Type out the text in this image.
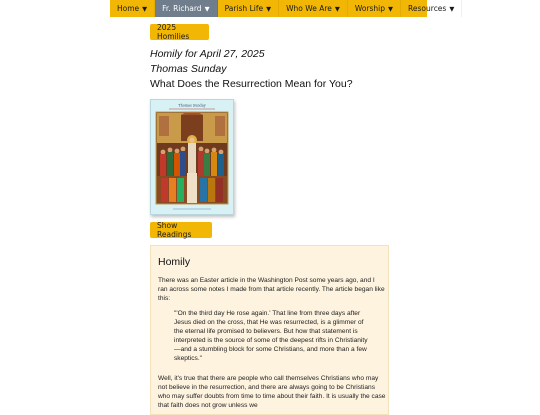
Home ▼ Fr. Richard ▼ Parish Life ▼ Who We Are ▼ Worship ▼ Resources ▼
2025 Homilies
Homily for April 27, 2025
Thomas Sunday
What Does the Resurrection Mean for You?
Thomas Sunday
Show Readings
Homily
There was an Easter article in the Washington Post some years ago, and I ran across some notes I made from that article recently. The article began like this:
"'On the third day He rose again.' That line from three days after Jesus died on the cross, that He was resurrected, is a glimmer of the eternal life promised to believers. But how that statement is interpreted is the source of some of the deepest rifts in Christianity—and a stumbling block for some Christians, and more than a few skeptics."
Well, it's true that there are people who call themselves Christians who may not believe in the resurrection, and there are always going to be Christians who may suffer doubts from time to time about their faith. It is usually the case that faith does not grow unless we
